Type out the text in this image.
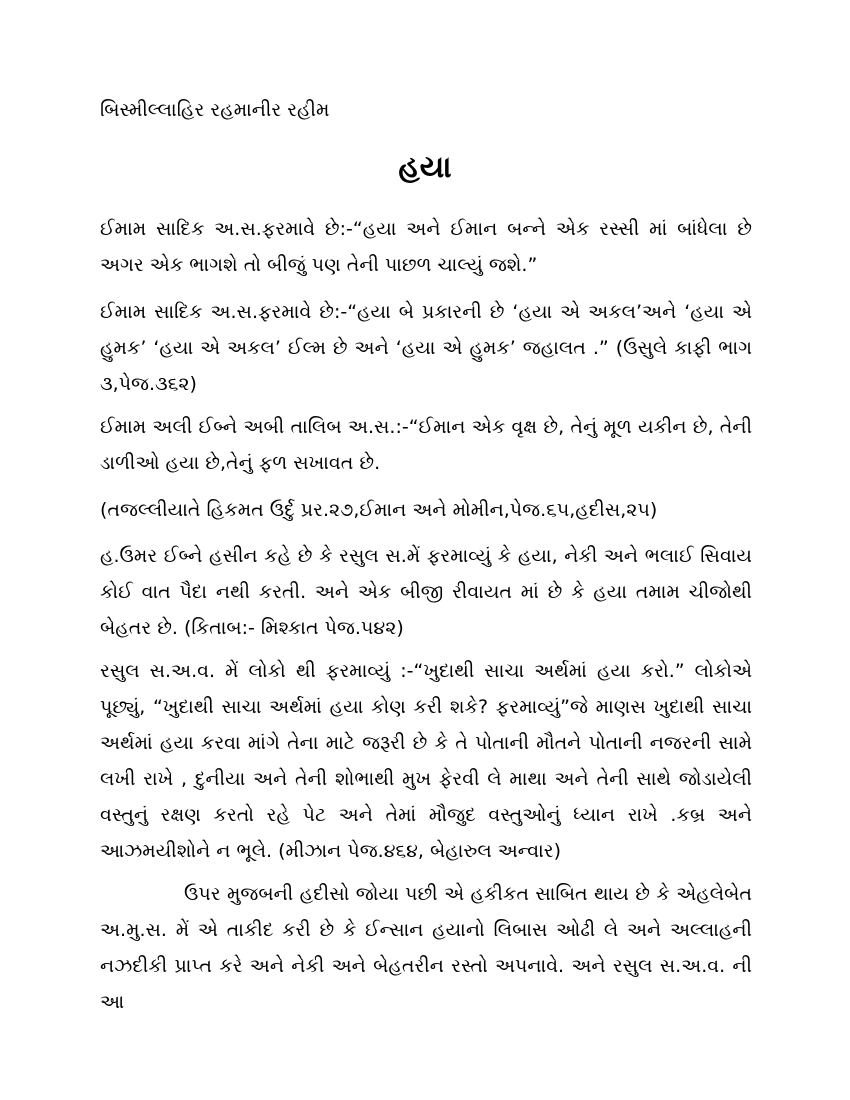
બિસ્મીલ્લાહિર રહમાનીર રહીમ
હયા

ઈમામ સાદિક અ.સ.ફરમાવે છે:-“હયા અને ઈમાન બન્ને એક રસ્સી માં બાંધેલા છે અગર એક ભાગશે તો બીજું પણ તેની પાછળ ચાલ્યું જશે.”

ઈમામ સાદિક અ.સ.ફરમાવે છે:-“હયા બે પ્રકારની છે ‘હયા એ અકલ’અને ‘હયા એ હુમક’ ‘હયા એ અકલ’ ઈલ્મ છે અને ‘હયા એ હુમક’ જહાલત .” (ઉસુલે કાફી ભાગ ૩,પેજ.૩૬૨)

ઈમામ અલી ઈબ્ને અબી તાલિબ અ.સ.:-“ઈમાન એક વૃક્ષ છે, તેનું મૂળ યકીન છે, તેની ડાળીઓ હયા છે,તેનું ફળ સખાવત છે.

(તજલ્લીયાતે હિકમત ઉર્દુ પ્રર.૨૭,ઈમાન અને મોમીન,પેજ.૬૫,હદીસ,૨૫)

હ.ઉમર ઈબ્ને હસીન કહે છે કે રસુલ સ.મેં ફરમાવ્યું કે હયા, નેકી અને ભલાઈ સિવાય કોઈ વાત પૈદા નથી કરતી. અને એક બીજી રીવાયત માં છે કે હયા તમામ ચીજોથી બેહતર છે. (કિતાબ:- મિશ્કાત પેજ.૫૪૨)

રસુલ સ.અ.વ. મેં લોકો થી ફરમાવ્યું :-“ખુદાથી સાચા અર્થમાં હયા કરો.” લોકોએ પૂછ્યું, “ખુદાથી સાચા અર્થમાં હયા કોણ કરી શકે? ફરમાવ્યું”જે માણસ ખુદાથી સાચા અર્થમાં હયા કરવા માંગે તેના માટે જરૂરી છે કે તે પોતાની મૌતને પોતાની નજરની સામે લખી રાખે , દુનીયા અને તેની શોભાથી મુખ ફેરવી લે માથા અને તેની સાથે જોડાયેલી વસ્તુનું રક્ષણ કરતો રહે પેટ અને તેમાં મૌજુદ વસ્તુઓનું ધ્યાન રાખે .કબ્ર અને આઝમયીશોને ન ભૂલે. (મીઝાન પેજ.૪૬૪, બેહારુલ અન્વાર)

ઉપર મુજબની હદીસો જોયા પછી એ હકીકત સાબિત થાય છે કે એહલેબેત અ.મુ.સ. મેં એ તાકીદ કરી છે કે ઈન્સાન હયાનો લિબાસ ઓઢી લે અને અલ્લાહની નઝદીકી પ્રાપ્ત કરે અને નેકી અને બેહતરીન રસ્તો અપનાવે. અને રસુલ સ.અ.વ. ની આ
